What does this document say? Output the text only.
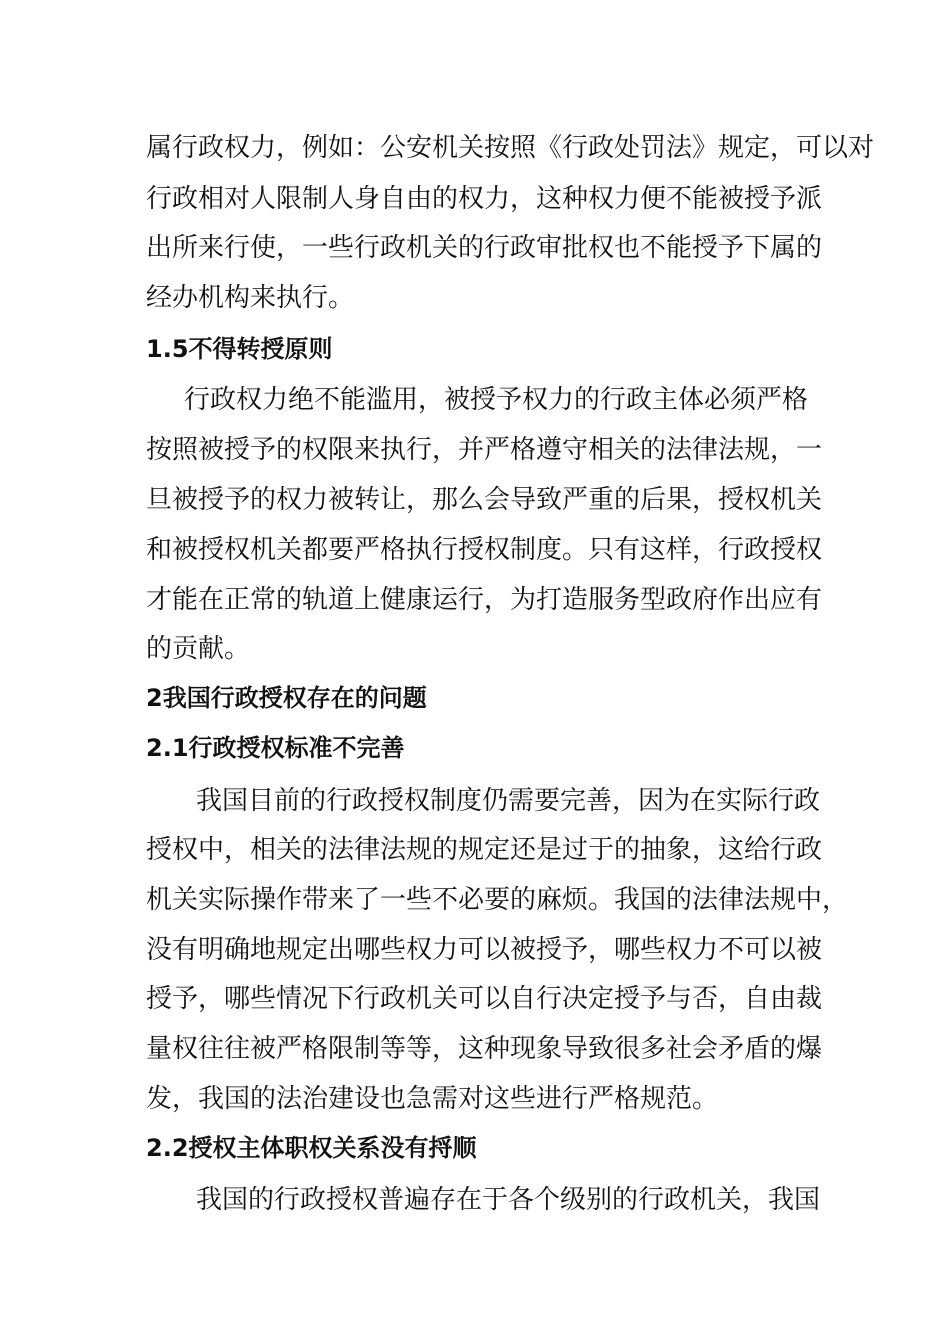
属行政权力，例如：公安机关按照《行政处罚法》规定，可以对
行政相对人限制人身自由的权力，这种权力便不能被授予派
出所来行使，一些行政机关的行政审批权也不能授予下属的
经办机构来执行。
1.5不得转授原则
行政权力绝不能滥用，被授予权力的行政主体必须严格
按照被授予的权限来执行，并严格遵守相关的法律法规，一
旦被授予的权力被转让，那么会导致严重的后果，授权机关
和被授权机关都要严格执行授权制度。只有这样，行政授权
才能在正常的轨道上健康运行，为打造服务型政府作出应有
的贡献。
2我国行政授权存在的问题
2.1行政授权标准不完善
我国目前的行政授权制度仍需要完善，因为在实际行政
授权中，相关的法律法规的规定还是过于的抽象，这给行政
机关实际操作带来了一些不必要的麻烦。我国的法律法规中，
没有明确地规定出哪些权力可以被授予，哪些权力不可以被
授予，哪些情况下行政机关可以自行决定授予与否，自由裁
量权往往被严格限制等等，这种现象导致很多社会矛盾的爆
发，我国的法治建设也急需对这些进行严格规范。
2.2授权主体职权关系没有捋顺
我国的行政授权普遍存在于各个级别的行政机关，我国
